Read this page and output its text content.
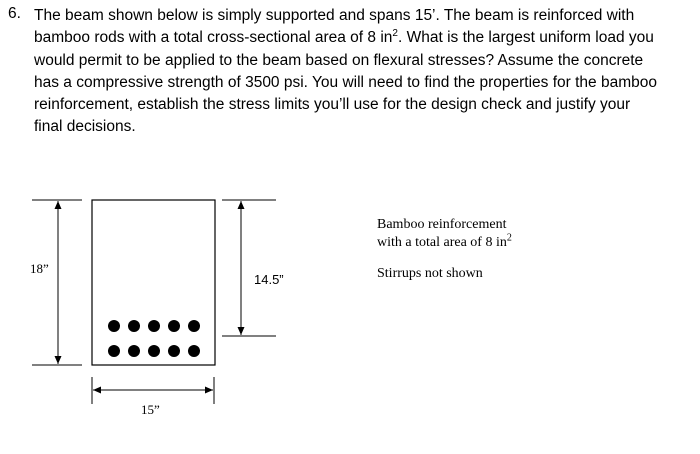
6. The beam shown below is simply supported and spans 15’. The beam is reinforced with
bamboo rods with a total cross-sectional area of 8 $in^2$. What is the largest uniform load you
would permit to be applied to the beam based on flexural stresses? Assume the concrete
has a compressive strength of 3500 psi. You will need to find the properties for the bamboo
reinforcement, establish the stress limits you’ll use for the design check and justify your
final decisions.
18”
14.5”
15”
Bamboo reinforcement
with a total area of 8 $in^2$
Stirrups not shown
